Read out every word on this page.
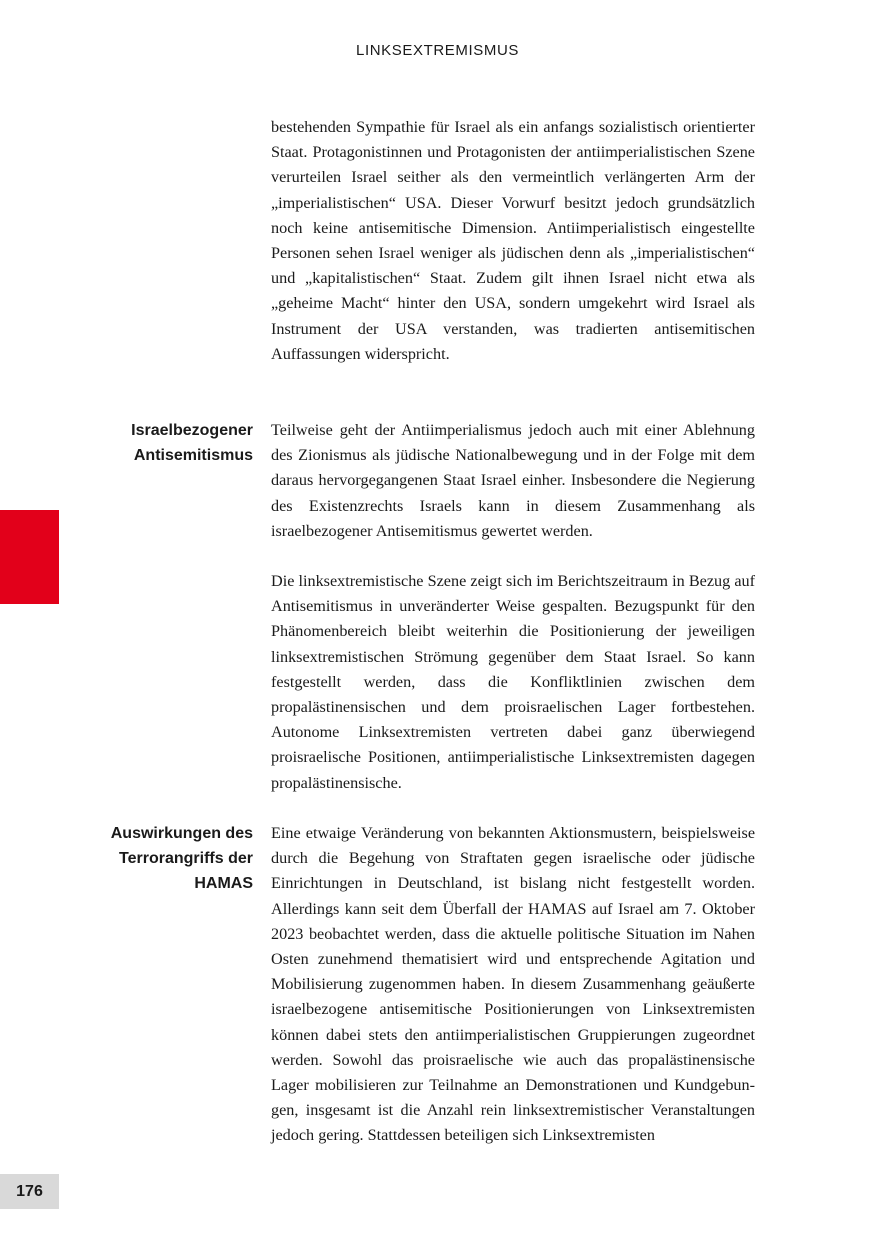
LINKSEXTREMISMUS
bestehenden Sympathie für Israel als ein anfangs sozialistisch orientierter Staat. Protagonistinnen und Protagonisten der antiimperialistischen Szene verurteilen Israel seither als den vermeintlich verlängerten Arm der „imperialistischen“ USA. Dieser Vorwurf besitzt jedoch grundsätzlich noch keine antisemitische Dimension. Antiimperialistisch eingestellte Personen sehen Israel weniger als jüdischen denn als „imperialistischen“ und „kapitalistischen“ Staat. Zudem gilt ihnen Israel nicht etwa als „geheime Macht“ hinter den USA, sondern umgekehrt wird Israel als Instrument der USA verstanden, was tradierten antisemitischen Auffassungen widerspricht.
Israelbezogener
Antisemitismus
Teilweise geht der Antiimperialismus jedoch auch mit einer Ablehnung des Zionismus als jüdische Nationalbewegung und in der Folge mit dem daraus hervorgegangenen Staat Israel einher. Insbesondere die Negierung des Existenzrechts Israels kann in diesem Zusammenhang als israelbezogener Antisemitismus gewertet werden.
Die linksextremistische Szene zeigt sich im Berichtszeitraum in Bezug auf Antisemitismus in unveränderter Weise gespalten. Bezugspunkt für den Phänomenbereich bleibt weiterhin die Positionierung der jeweiligen linksextremistischen Strömung gegenüber dem Staat Israel. So kann festgestellt werden, dass die Konfliktlinien zwischen dem propalästinensischen und dem proisraelischen Lager fortbestehen. Autonome Linksextremisten vertreten dabei ganz überwiegend proisraelische Positionen, antiimperialistische Linksextremisten dagegen propalästinensische.
Auswirkungen des
Terrorangriffs der
HAMAS
Eine etwaige Veränderung von bekannten Aktionsmustern, beispielsweise durch die Begehung von Straftaten gegen israelische oder jüdische Einrichtungen in Deutschland, ist bislang nicht festgestellt worden. Allerdings kann seit dem Überfall der HAMAS auf Israel am 7. Oktober 2023 beobachtet werden, dass die aktuelle politische Situation im Nahen Osten zunehmend thematisiert wird und entsprechende Agitation und Mobilisierung zugenommen haben. In diesem Zusammenhang geäußerte israelbezogene antisemitische Positionierungen von Linksextremisten können dabei stets den antiimperialistischen Gruppierungen zugeordnet werden. Sowohl das proisraelische wie auch das propalästinensische Lager mobilisieren zur Teilnahme an Demonstrationen und Kundgebungen, insgesamt ist die Anzahl rein linksextremistischer Veranstaltungen jedoch gering. Stattdessen beteiligen sich Linksextremisten
176
